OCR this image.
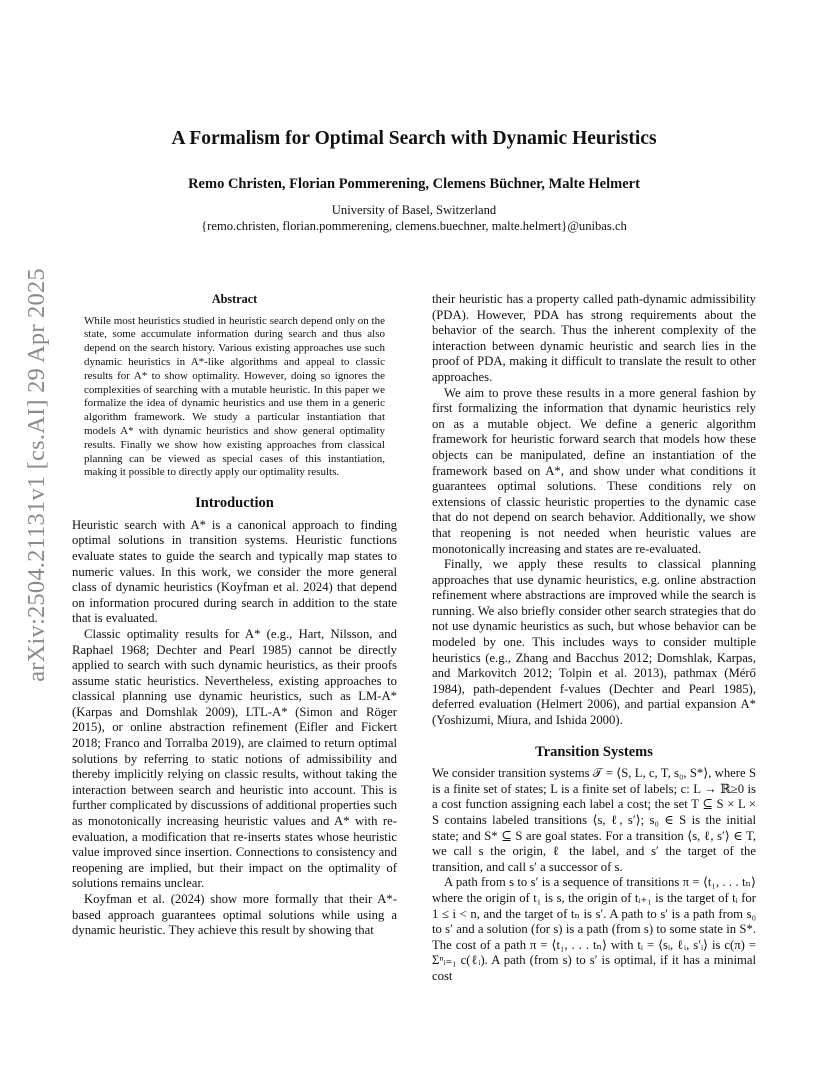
arXiv:2504.21131v1 [cs.AI] 29 Apr 2025
A Formalism for Optimal Search with Dynamic Heuristics
Remo Christen, Florian Pommerening, Clemens Büchner, Malte Helmert
University of Basel, Switzerland
{remo.christen, florian.pommerening, clemens.buechner, malte.helmert}@unibas.ch
Abstract

While most heuristics studied in heuristic search depend only on the state, some accumulate information during search and thus also depend on the search history. Various existing approaches use such dynamic heuristics in A*-like algorithms and appeal to classic results for A* to show optimality. However, doing so ignores the complexities of searching with a mutable heuristic. In this paper we formalize the idea of dynamic heuristics and use them in a generic algorithm framework. We study a particular instantiation that models A* with dynamic heuristics and show general optimality results. Finally we show how existing approaches from classical planning can be viewed as special cases of this instantiation, making it possible to directly apply our optimality results.

Introduction

Heuristic search with A* is a canonical approach to finding optimal solutions in transition systems. Heuristic functions evaluate states to guide the search and typically map states to numeric values. In this work, we consider the more general class of dynamic heuristics (Koyfman et al. 2024) that depend on information procured during search in addition to the state that is evaluated.

Classic optimality results for A* (e.g., Hart, Nilsson, and Raphael 1968; Dechter and Pearl 1985) cannot be directly applied to search with such dynamic heuristics, as their proofs assume static heuristics. Nevertheless, existing approaches to classical planning use dynamic heuristics, such as LM-A* (Karpas and Domshlak 2009), LTL-A* (Simon and Röger 2015), or online abstraction refinement (Eifler and Fickert 2018; Franco and Torralba 2019), are claimed to return optimal solutions by referring to static notions of admissibility and thereby implicitly relying on classic results, without taking the interaction between search and heuristic into account. This is further complicated by discussions of additional properties such as monotonically increasing heuristic values and A* with re-evaluation, a modification that re-inserts states whose heuristic value improved since insertion. Connections to consistency and reopening are implied, but their impact on the optimality of solutions remains unclear.

Koyfman et al. (2024) show more formally that their A*-based approach guarantees optimal solutions while using a dynamic heuristic. They achieve this result by showing that

their heuristic has a property called path-dynamic admissibility (PDA). However, PDA has strong requirements about the behavior of the search. Thus the inherent complexity of the interaction between dynamic heuristic and search lies in the proof of PDA, making it difficult to translate the result to other approaches.

We aim to prove these results in a more general fashion by first formalizing the information that dynamic heuristics rely on as a mutable object. We define a generic algorithm framework for heuristic forward search that models how these objects can be manipulated, define an instantiation of the framework based on A*, and show under what conditions it guarantees optimal solutions. These conditions rely on extensions of classic heuristic properties to the dynamic case that do not depend on search behavior. Additionally, we show that reopening is not needed when heuristic values are monotonically increasing and states are re-evaluated.

Finally, we apply these results to classical planning approaches that use dynamic heuristics, e.g. online abstraction refinement where abstractions are improved while the search is running. We also briefly consider other search strategies that do not use dynamic heuristics as such, but whose behavior can be modeled by one. This includes ways to consider multiple heuristics (e.g., Zhang and Bacchus 2012; Domshlak, Karpas, and Markovitch 2012; Tolpin et al. 2013), pathmax (Mérő 1984), path-dependent f-values (Dechter and Pearl 1985), deferred evaluation (Helmert 2006), and partial expansion A* (Yoshizumi, Miura, and Ishida 2000).

Transition Systems

We consider transition systems 𝒯 = ⟨S, L, c, T, s₀, S*⟩, where S is a finite set of states; L is a finite set of labels; c: L → ℝ≥0 is a cost function assigning each label a cost; the set T ⊆ S × L × S contains labeled transitions ⟨s, ℓ, s′⟩; s₀ ∈ S is the initial state; and S* ⊆ S are goal states. For a transition ⟨s, ℓ, s′⟩ ∈ T, we call s the origin, ℓ the label, and s′ the target of the transition, and call s′ a successor of s.

A path from s to s′ is a sequence of transitions π = ⟨t₁, . . . tₙ⟩ where the origin of t₁ is s, the origin of tᵢ₊₁ is the target of tᵢ for 1 ≤ i < n, and the target of tₙ is s′. A path to s′ is a path from s₀ to s′ and a solution (for s) is a path (from s) to some state in S*. The cost of a path π = ⟨t₁, . . . tₙ⟩ with tᵢ = ⟨sᵢ, ℓᵢ, s′ᵢ⟩ is c(π) = Σⁿᵢ₌₁ c(ℓᵢ). A path (from s) to s′ is optimal, if it has a minimal cost
